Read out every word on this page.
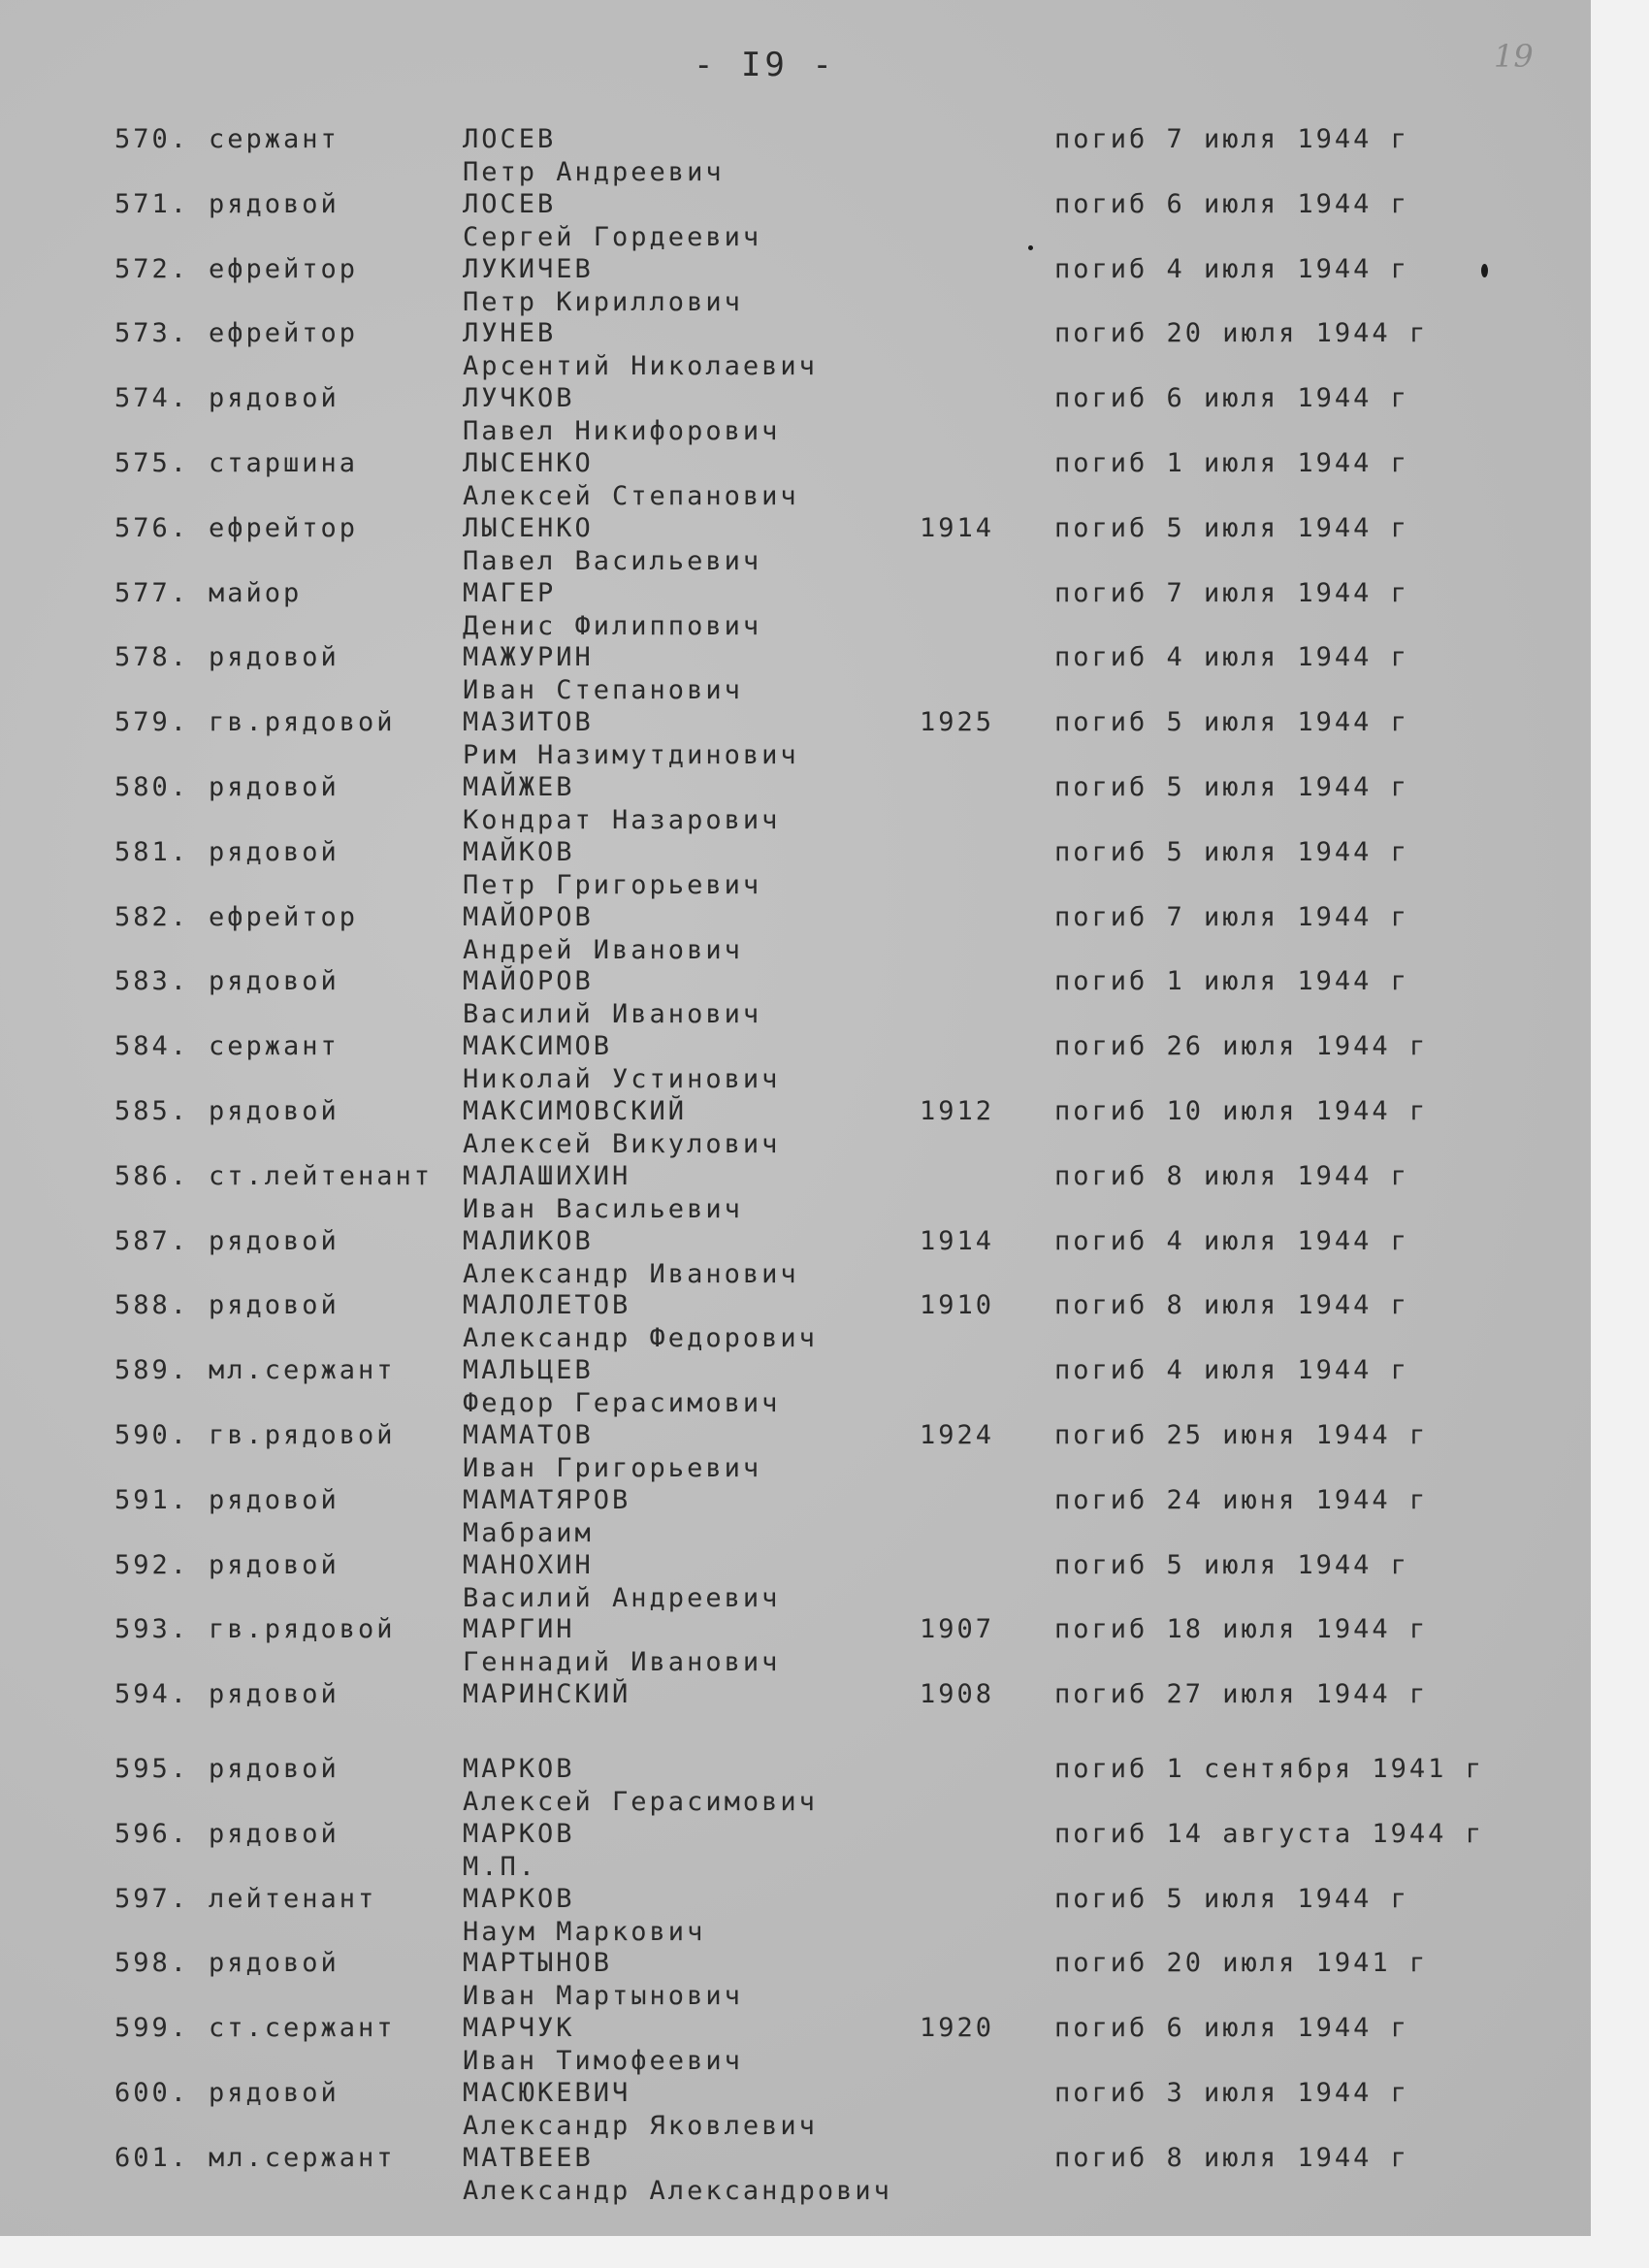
- I9 -	19
570. сержант	ЛОСЕВ	погиб 7 июля 1944 г
Петр Андреевич
571. рядовой	ЛОСЕВ	погиб 6 июля 1944 г
Сергей Гордеевич
572. ефрейтор	ЛУКИЧЕВ	погиб 4 июля 1944 г
Петр Кириллович
573. ефрейтор	ЛУНЕВ	погиб 20 июля 1944 г
Арсентий Николаевич
574. рядовой	ЛУЧКОВ	погиб 6 июля 1944 г
Павел Никифорович
575. старшина	ЛЫСЕНКО	погиб 1 июля 1944 г
Алексей Степанович
576. ефрейтор	ЛЫСЕНКО	1914 погиб 5 июля 1944 г
Павел Васильевич
577. майор	МАГЕР	погиб 7 июля 1944 г
Денис Филиппович
578. рядовой	МАЖУРИН	погиб 4 июля 1944 г
Иван Степанович
579. гв.рядовой	МАЗИТОВ	1925 погиб 5 июля 1944 г
Рим Назимутдинович
580. рядовой	МАЙЖЕВ	погиб 5 июля 1944 г
Кондрат Назарович
581. рядовой	МАЙКОВ	погиб 5 июля 1944 г
Петр Григорьевич
582. ефрейтор	МАЙОРОВ	погиб 7 июля 1944 г
Андрей Иванович
583. рядовой	МАЙОРОВ	погиб 1 июля 1944 г
Василий Иванович
584. сержант	МАКСИМОВ	погиб 26 июля 1944 г
Николай Устинович
585. рядовой	МАКСИМОВСКИЙ	1912 погиб 10 июля 1944 г
Алексей Викулович
586. ст.лейтенант МАЛАШИХИН	погиб 8 июля 1944 г
Иван Васильевич
587. рядовой	МАЛИКОВ	1914 погиб 4 июля 1944 г
Александр Иванович
588. рядовой	МАЛОЛЕТОВ	1910 погиб 8 июля 1944 г
Александр Федорович
589. мл.сержант	МАЛЬЦЕВ	погиб 4 июля 1944 г
Федор Герасимович
590. гв.рядовой	МАМАТОВ	1924 погиб 25 июня 1944 г
Иван Григорьевич
591. рядовой	МАМАТЯРОВ	погиб 24 июня 1944 г
Мабраим
592. рядовой	МАНОХИН	погиб 5 июля 1944 г
Василий Андреевич
593. гв.рядовой	МАРГИН	1907 погиб 18 июля 1944 г
Геннадий Иванович
594. рядовой	МАРИНСКИЙ	1908 погиб 27 июля 1944 г
595. рядовой	МАРКОВ	погиб 1 сентября 1941 г
Алексей Герасимович
596. рядовой	МАРКОВ	погиб 14 августа 1944 г
М.П.
597. лейтенант	МАРКОВ	погиб 5 июля 1944 г
Наум Маркович
598. рядовой	МАРТЫНОВ	погиб 20 июля 1941 г
Иван Мартынович
599. ст.сержант	МАРЧУК	1920 погиб 6 июля 1944 г
Иван Тимофеевич
600. рядовой	МАСЮКЕВИЧ	погиб 3 июля 1944 г
Александр Яковлевич
601. мл.сержант	МАТВЕЕВ	погиб 8 июля 1944 г
Александр Александрович
